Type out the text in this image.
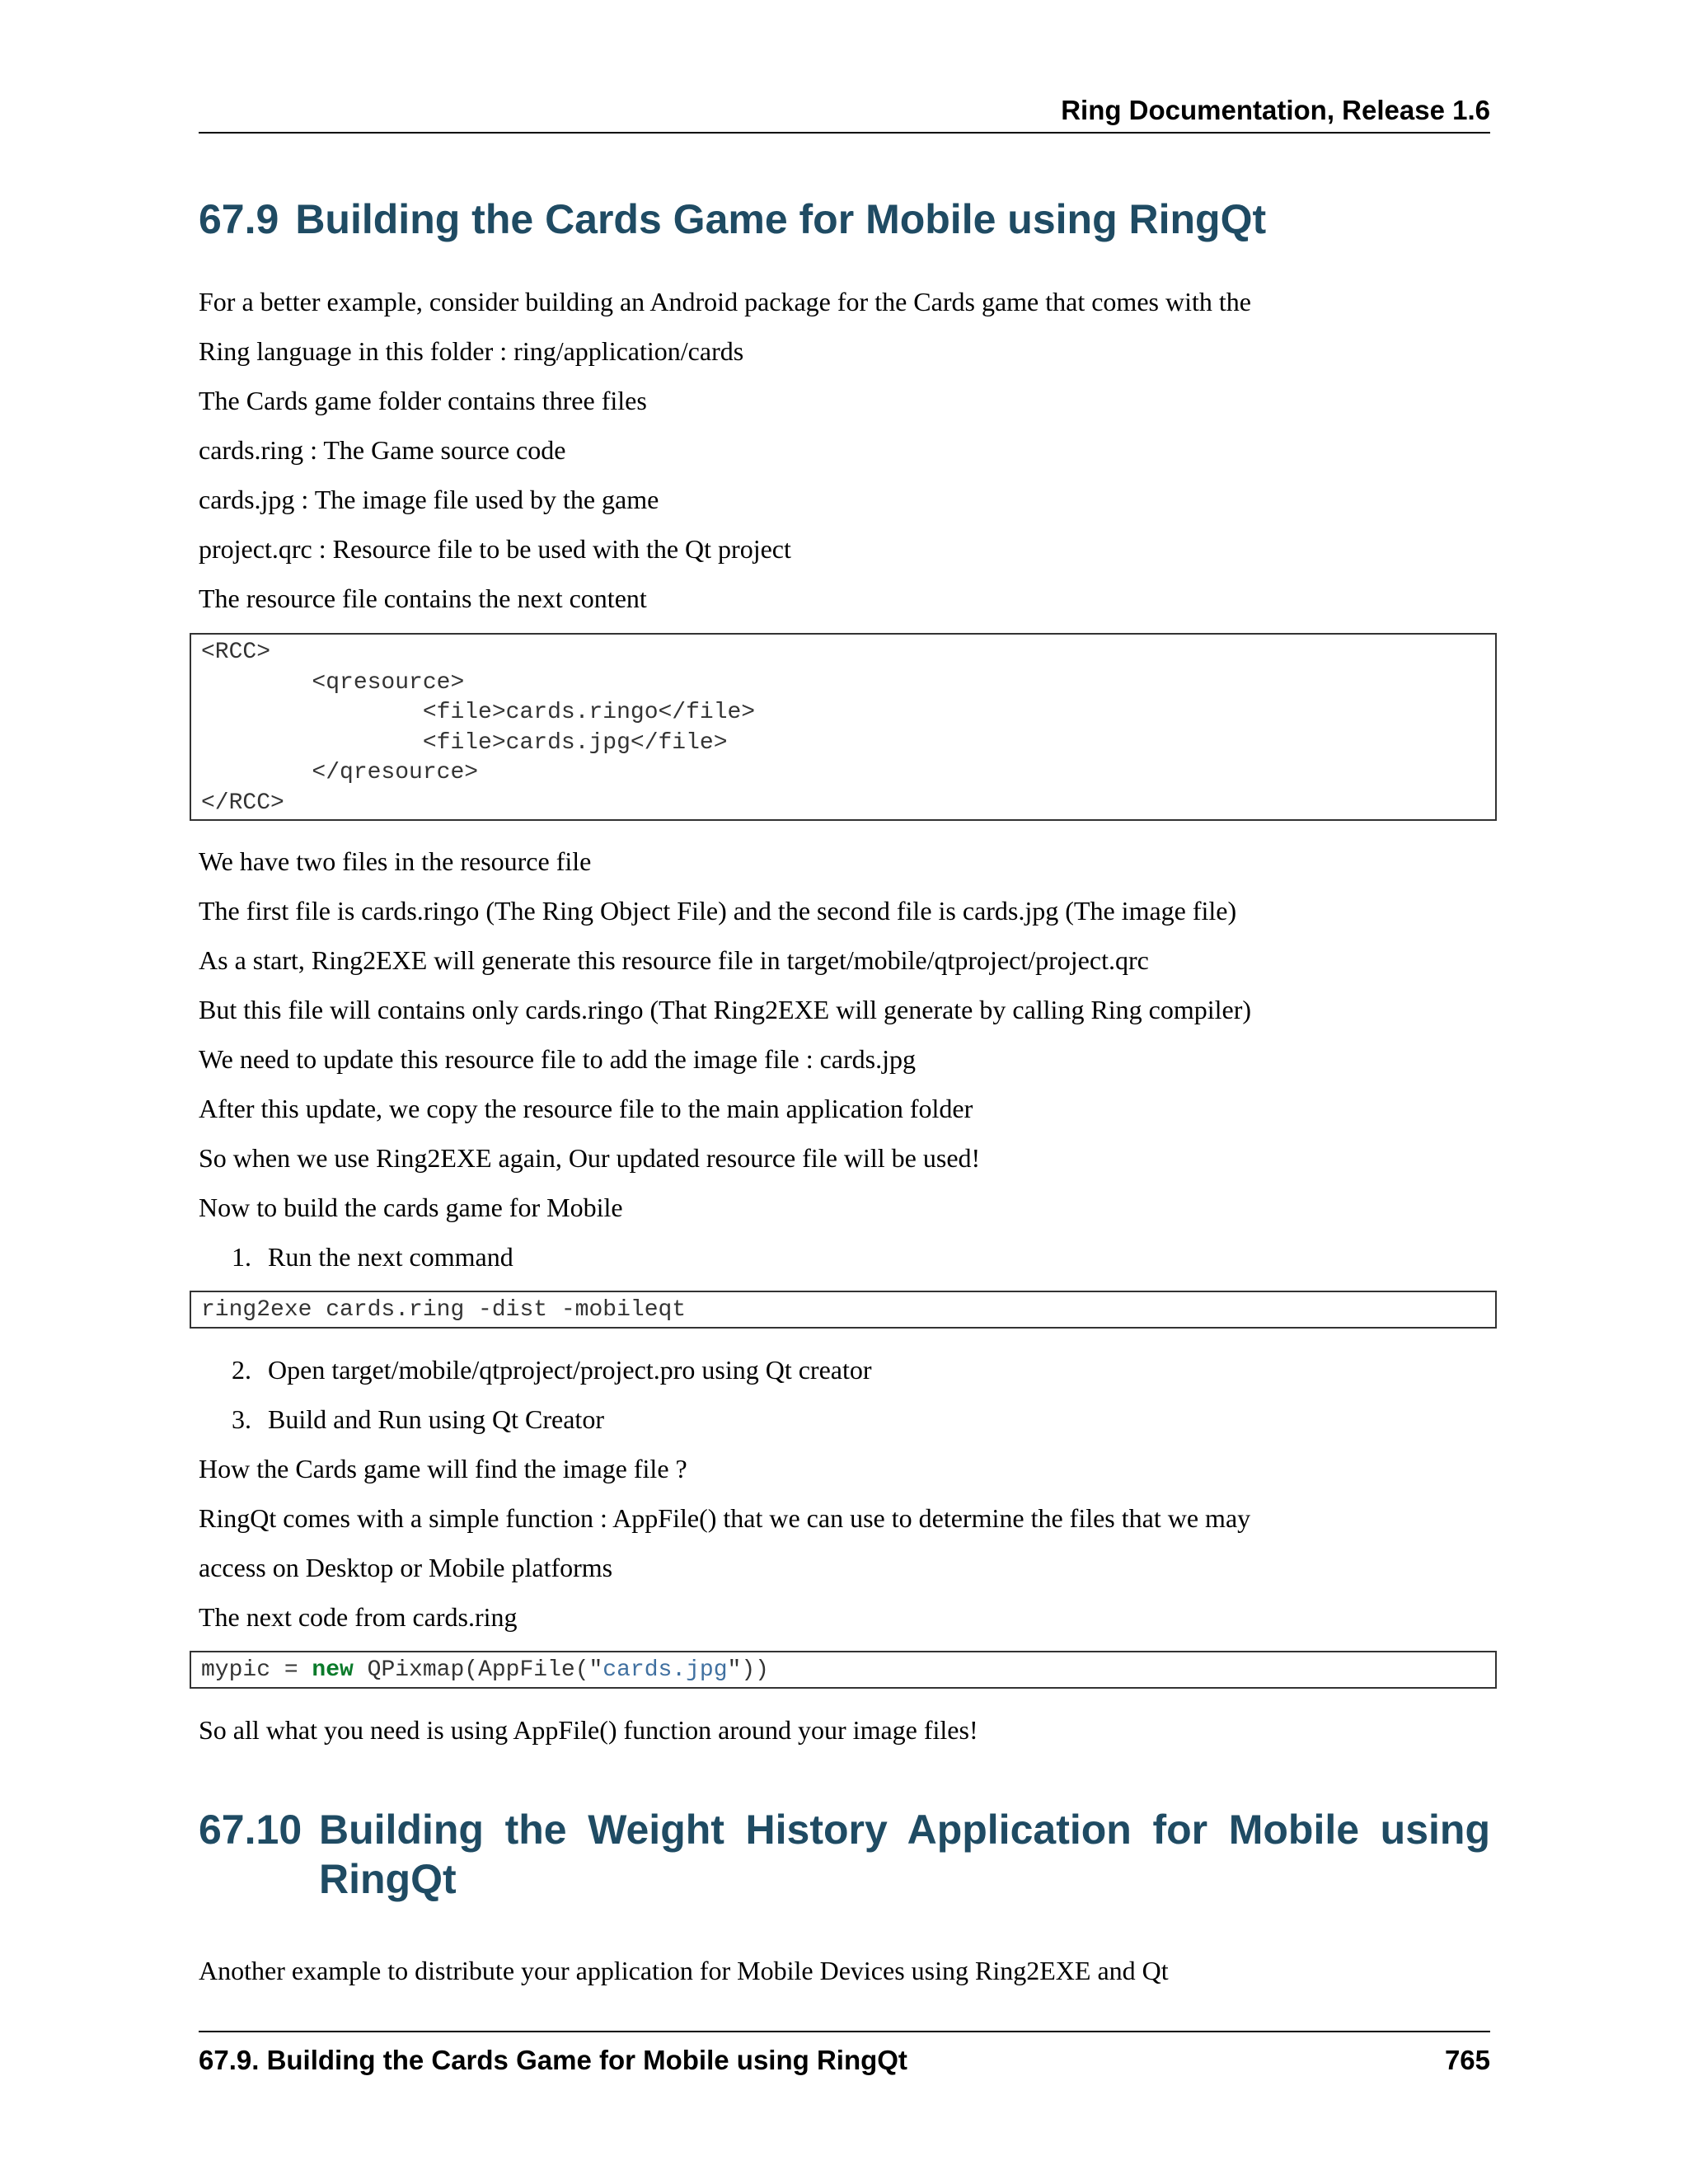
Ring Documentation, Release 1.6
67.9 Building the Cards Game for Mobile using RingQt
For a better example, consider building an Android package for the Cards game that comes with the
Ring language in this folder : ring/application/cards
The Cards game folder contains three files
cards.ring : The Game source code
cards.jpg : The image file used by the game
project.qrc : Resource file to be used with the Qt project
The resource file contains the next content
<RCC>
<qresource>
<file>cards.ringo</file>
<file>cards.jpg</file>
</qresource>
</RCC>
We have two files in the resource file
The first file is cards.ringo (The Ring Object File) and the second file is cards.jpg (The image file)
As a start, Ring2EXE will generate this resource file in target/mobile/qtproject/project.qrc
But this file will contains only cards.ringo (That Ring2EXE will generate by calling Ring compiler)
We need to update this resource file to add the image file : cards.jpg
After this update, we copy the resource file to the main application folder
So when we use Ring2EXE again, Our updated resource file will be used!
Now to build the cards game for Mobile
1. Run the next command
ring2exe cards.ring -dist -mobileqt
2. Open target/mobile/qtproject/project.pro using Qt creator
3. Build and Run using Qt Creator
How the Cards game will find the image file ?
RingQt comes with a simple function : AppFile() that we can use to determine the files that we may
access on Desktop or Mobile platforms
The next code from cards.ring
mypic = new QPixmap(AppFile("cards.jpg"))
So all what you need is using AppFile() function around your image files!
67.10 Building the Weight History Application for Mobile using RingQt
Another example to distribute your application for Mobile Devices using Ring2EXE and Qt
67.9. Building the Cards Game for Mobile using RingQt	765
